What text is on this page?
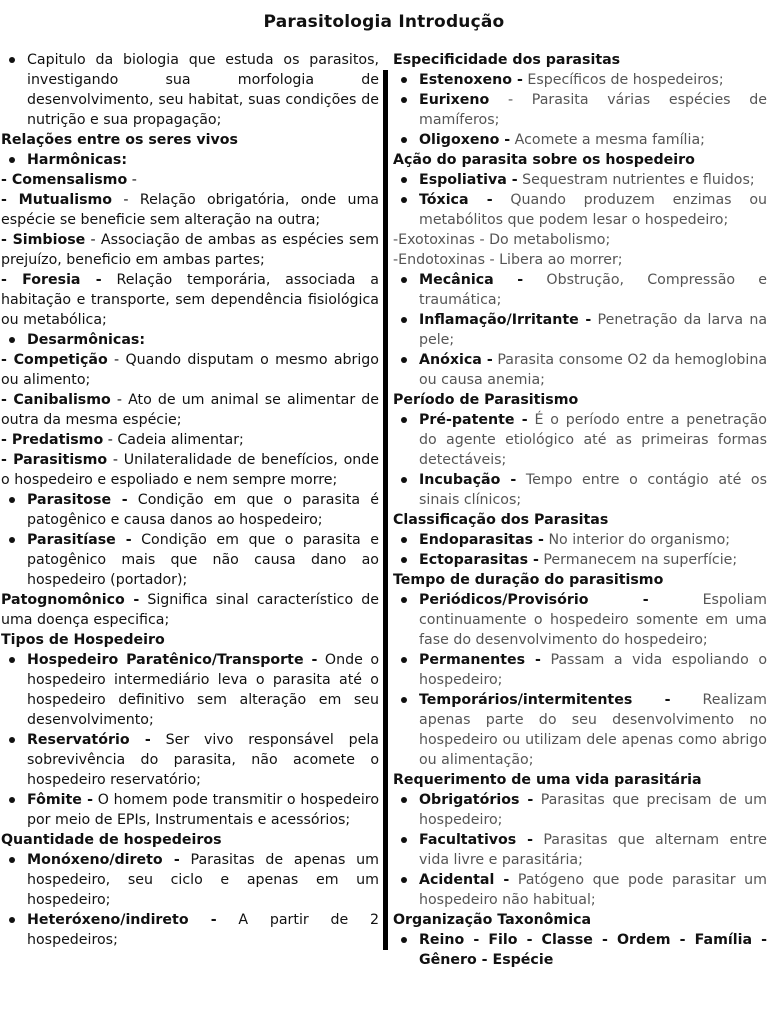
Parasitologia Introdução
Capitulo da biologia que estuda os parasitos, investigando sua morfologia de desenvolvimento, seu habitat, suas condições de nutrição e sua propagação;

Relações entre os seres vivos

Harmônicas:

- Comensalismo -

- Mutualismo - Relação obrigatória, onde uma espécie se beneficie sem alteração na outra;

- Simbiose - Associação de ambas as espécies sem prejuízo, beneficio em ambas partes;

- Foresia - Relação temporária, associada a habitação e transporte, sem dependência fisiológica ou metabólica;

Desarmônicas:

- Competição - Quando disputam o mesmo abrigo ou alimento;

- Canibalismo - Ato de um animal se alimentar de outra da mesma espécie;

- Predatismo - Cadeia alimentar;

- Parasitismo - Unilateralidade de benefícios, onde o hospedeiro e espoliado e nem sempre morre;

Parasitose - Condição em que o parasita é patogênico e causa danos ao hospedeiro;
Parasitíase - Condição em que o parasita e patogênico mais que não causa dano ao hospedeiro (portador);

Patognomônico - Significa sinal característico de uma doença especifica;

Tipos de Hospedeiro

Hospedeiro Paratênico/Transporte - Onde o hospedeiro intermediário leva o parasita até o hospedeiro definitivo sem alteração em seu desenvolvimento;
Reservatório - Ser vivo responsável pela sobrevivência do parasita, não acomete o hospedeiro reservatório;
Fômite - O homem pode transmitir o hospedeiro por meio de EPIs, Instrumentais e acessórios;

Quantidade de hospedeiros

Monóxeno/direto - Parasitas de apenas um hospedeiro, seu ciclo e apenas em um hospedeiro;
Heteróxeno/indireto - A partir de 2 hospedeiros;

Especificidade dos parasitas

Estenoxeno - Específicos de hospedeiros;
Eurixeno - Parasita várias espécies de mamíferos;
Oligoxeno - Acomete a mesma família;

Ação do parasita sobre os hospedeiro

Espoliativa - Sequestram nutrientes e fluidos;
Tóxica - Quando produzem enzimas ou metabólitos que podem lesar o hospedeiro;

-Exotoxinas - Do metabolismo;

-Endotoxinas - Libera ao morrer;

Mecânica - Obstrução, Compressão e traumática;
Inflamação/Irritante - Penetração da larva na pele;
Anóxica - Parasita consome O2 da hemoglobina ou causa anemia;

Período de Parasitismo

Pré-patente - É o período entre a penetração do agente etiológico até as primeiras formas detectáveis;
Incubação - Tempo entre o contágio até os sinais clínicos;

Classificação dos Parasitas

Endoparasitas - No interior do organismo;
Ectoparasitas - Permanecem na superfície;

Tempo de duração do parasitismo

Periódicos/Provisório - Espoliam continuamente o hospedeiro somente em uma fase do desenvolvimento do hospedeiro;
Permanentes - Passam a vida espoliando o hospedeiro;
Temporários/intermitentes - Realizam apenas parte do seu desenvolvimento no hospedeiro ou utilizam dele apenas como abrigo ou alimentação;

Requerimento de uma vida parasitária

Obrigatórios - Parasitas que precisam de um hospedeiro;
Facultativos - Parasitas que alternam entre vida livre e parasitária;
Acidental - Patógeno que pode parasitar um hospedeiro não habitual;

Organização Taxonômica

Reino - Filo - Classe - Ordem - Família - Gênero - Espécie
